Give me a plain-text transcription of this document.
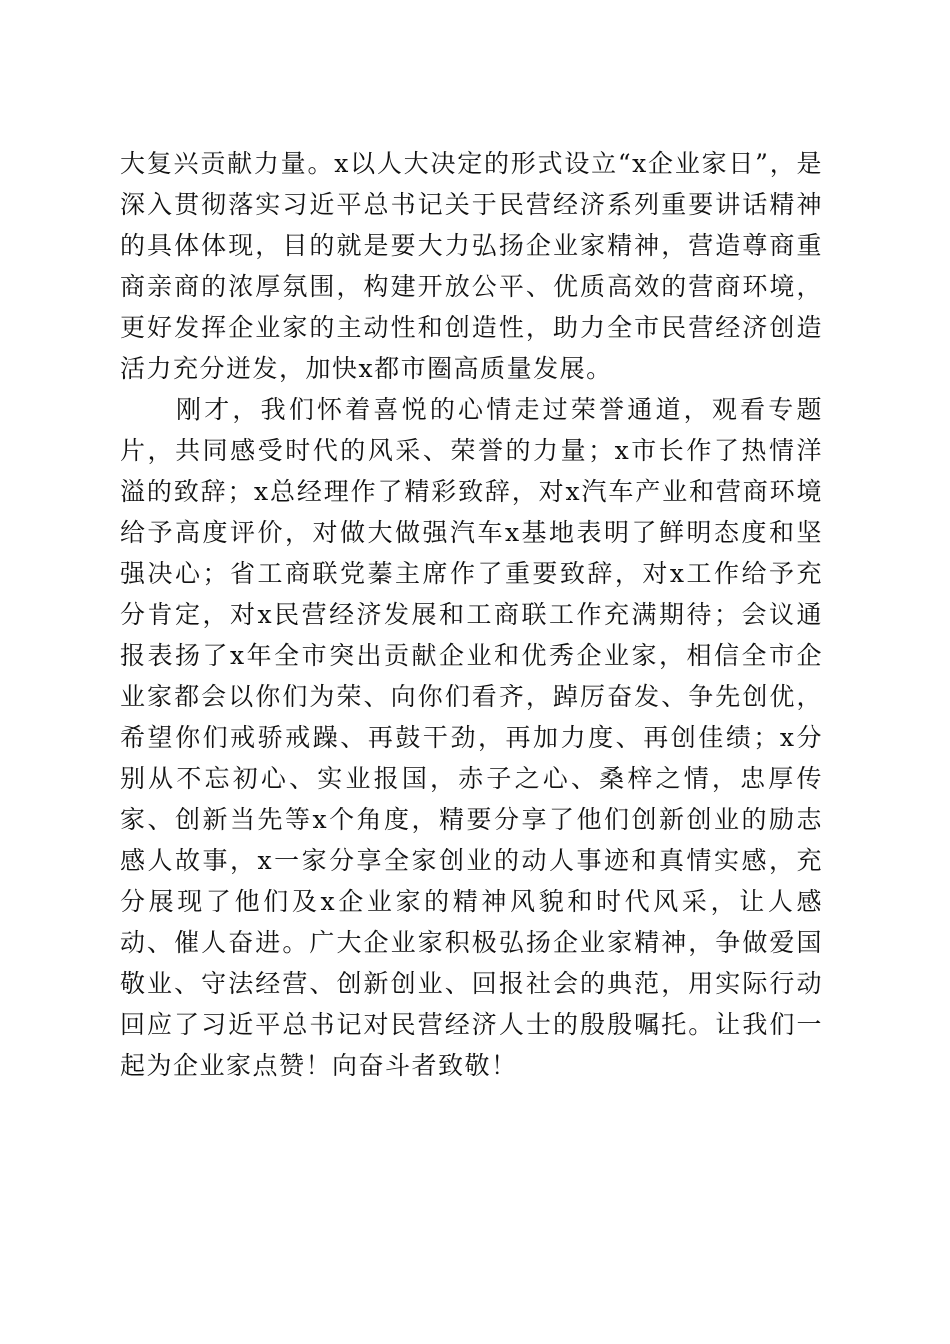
大复兴贡献力量。x以人大决定的形式设立“x企业家日”，是深入贯彻落实习近平总书记关于民营经济系列重要讲话精神的具体体现，目的就是要大力弘扬企业家精神，营造尊商重商亲商的浓厚氛围，构建开放公平、优质高效的营商环境，更好发挥企业家的主动性和创造性，助力全市民营经济创造活力充分迸发，加快x都市圈高质量发展。

刚才，我们怀着喜悦的心情走过荣誉通道，观看专题片，共同感受时代的风采、荣誉的力量；x市长作了热情洋溢的致辞；x总经理作了精彩致辞，对x汽车产业和营商环境给予高度评价，对做大做强汽车x基地表明了鲜明态度和坚强决心；省工商联党蓁主席作了重要致辞，对x工作给予充分肯定，对x民营经济发展和工商联工作充满期待；会议通报表扬了x年全市突出贡献企业和优秀企业家，相信全市企业家都会以你们为荣、向你们看齐，踔厉奋发、争先创优，希望你们戒骄戒躁、再鼓干劲，再加力度、再创佳绩；x分别从不忘初心、实业报国，赤子之心、桑梓之情，忠厚传家、创新当先等x个角度，精要分享了他们创新创业的励志感人故事，x一家分享全家创业的动人事迹和真情实感，充分展现了他们及x企业家的精神风貌和时代风采，让人感动、催人奋进。广大企业家积极弘扬企业家精神，争做爱国敬业、守法经营、创新创业、回报社会的典范，用实际行动回应了习近平总书记对民营经济人士的殷殷嘱托。让我们一起为企业家点赞！向奋斗者致敬！
